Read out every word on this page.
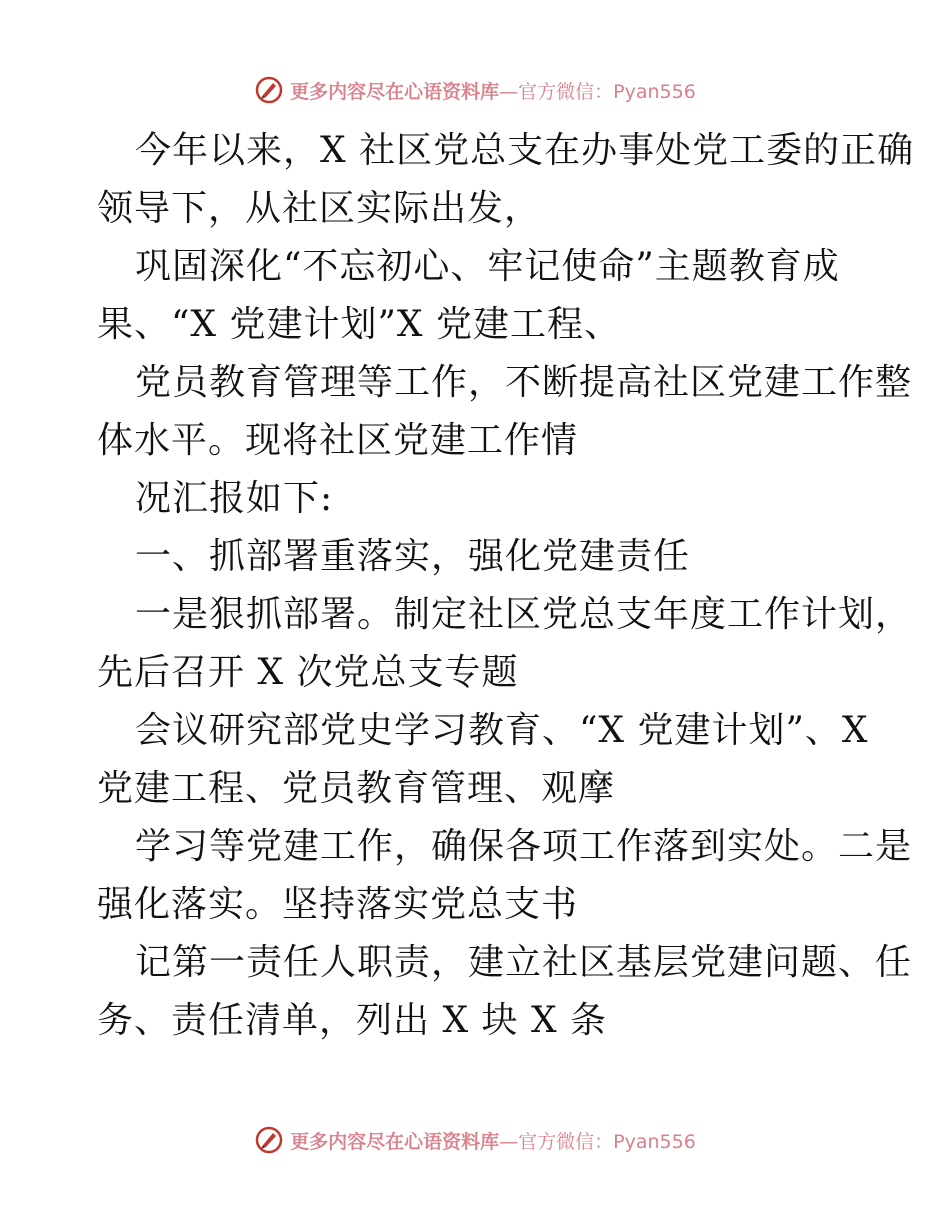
更多内容尽在心语资料库 —官方微信：Pyan556
今年以来，X 社区党总支在办事处党工委的正确
领导下，从社区实际出发，
巩固深化“不忘初心、牢记使命”主题教育成
果、“X 党建计划”X 党建工程、
党员教育管理等工作，不断提高社区党建工作整
体水平。现将社区党建工作情
况汇报如下:
一、抓部署重落实，强化党建责任
一是狠抓部署。制定社区党总支年度工作计划，
先后召开 X 次党总支专题
会议研究部党史学习教育、“X 党建计划”、X
党建工程、党员教育管理、观摩
学习等党建工作，确保各项工作落到实处。二是
强化落实。坚持落实党总支书
记第一责任人职责，建立社区基层党建问题、任
务、责任清单，列出 X 块 X 条
更多内容尽在心语资料库 —官方微信：Pyan556
